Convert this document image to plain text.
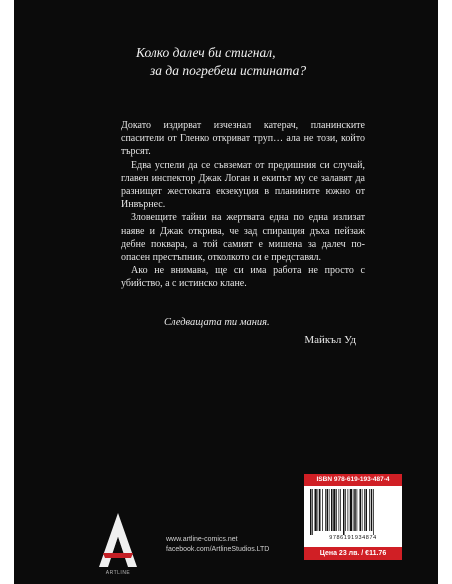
Колко далеч би стигнал,
за да погребеш истината?

Докато издирват изчезнал катерач, планинските спасители от Гленко откриват труп… ала не този, който търсят.

Едва успели да се съвземат от предишния си случай, главен инспектор Джак Логан и екипът му се залавят да разнищят жестоката екзекуция в планините южно от Инвърнес.

Зловещите тайни на жертвата една по една излизат наяве и Джак открива, че зад спиращия дъха пейзаж дебне покварa, а той самият е мишена за далеч по-опасен престъпник, отколкото си е представял.

Ако не внимава, ще си има работа не просто с убийство, а с истинско клане.

Следващата ти мания.
Майкъл Уд
ARTLINE
www.artline-comics.net
facebook.com/ArtlineStudios.LTD
ISBN 978-619-193-487-4
9786191934874
Цена 23 лв. / €11.76
